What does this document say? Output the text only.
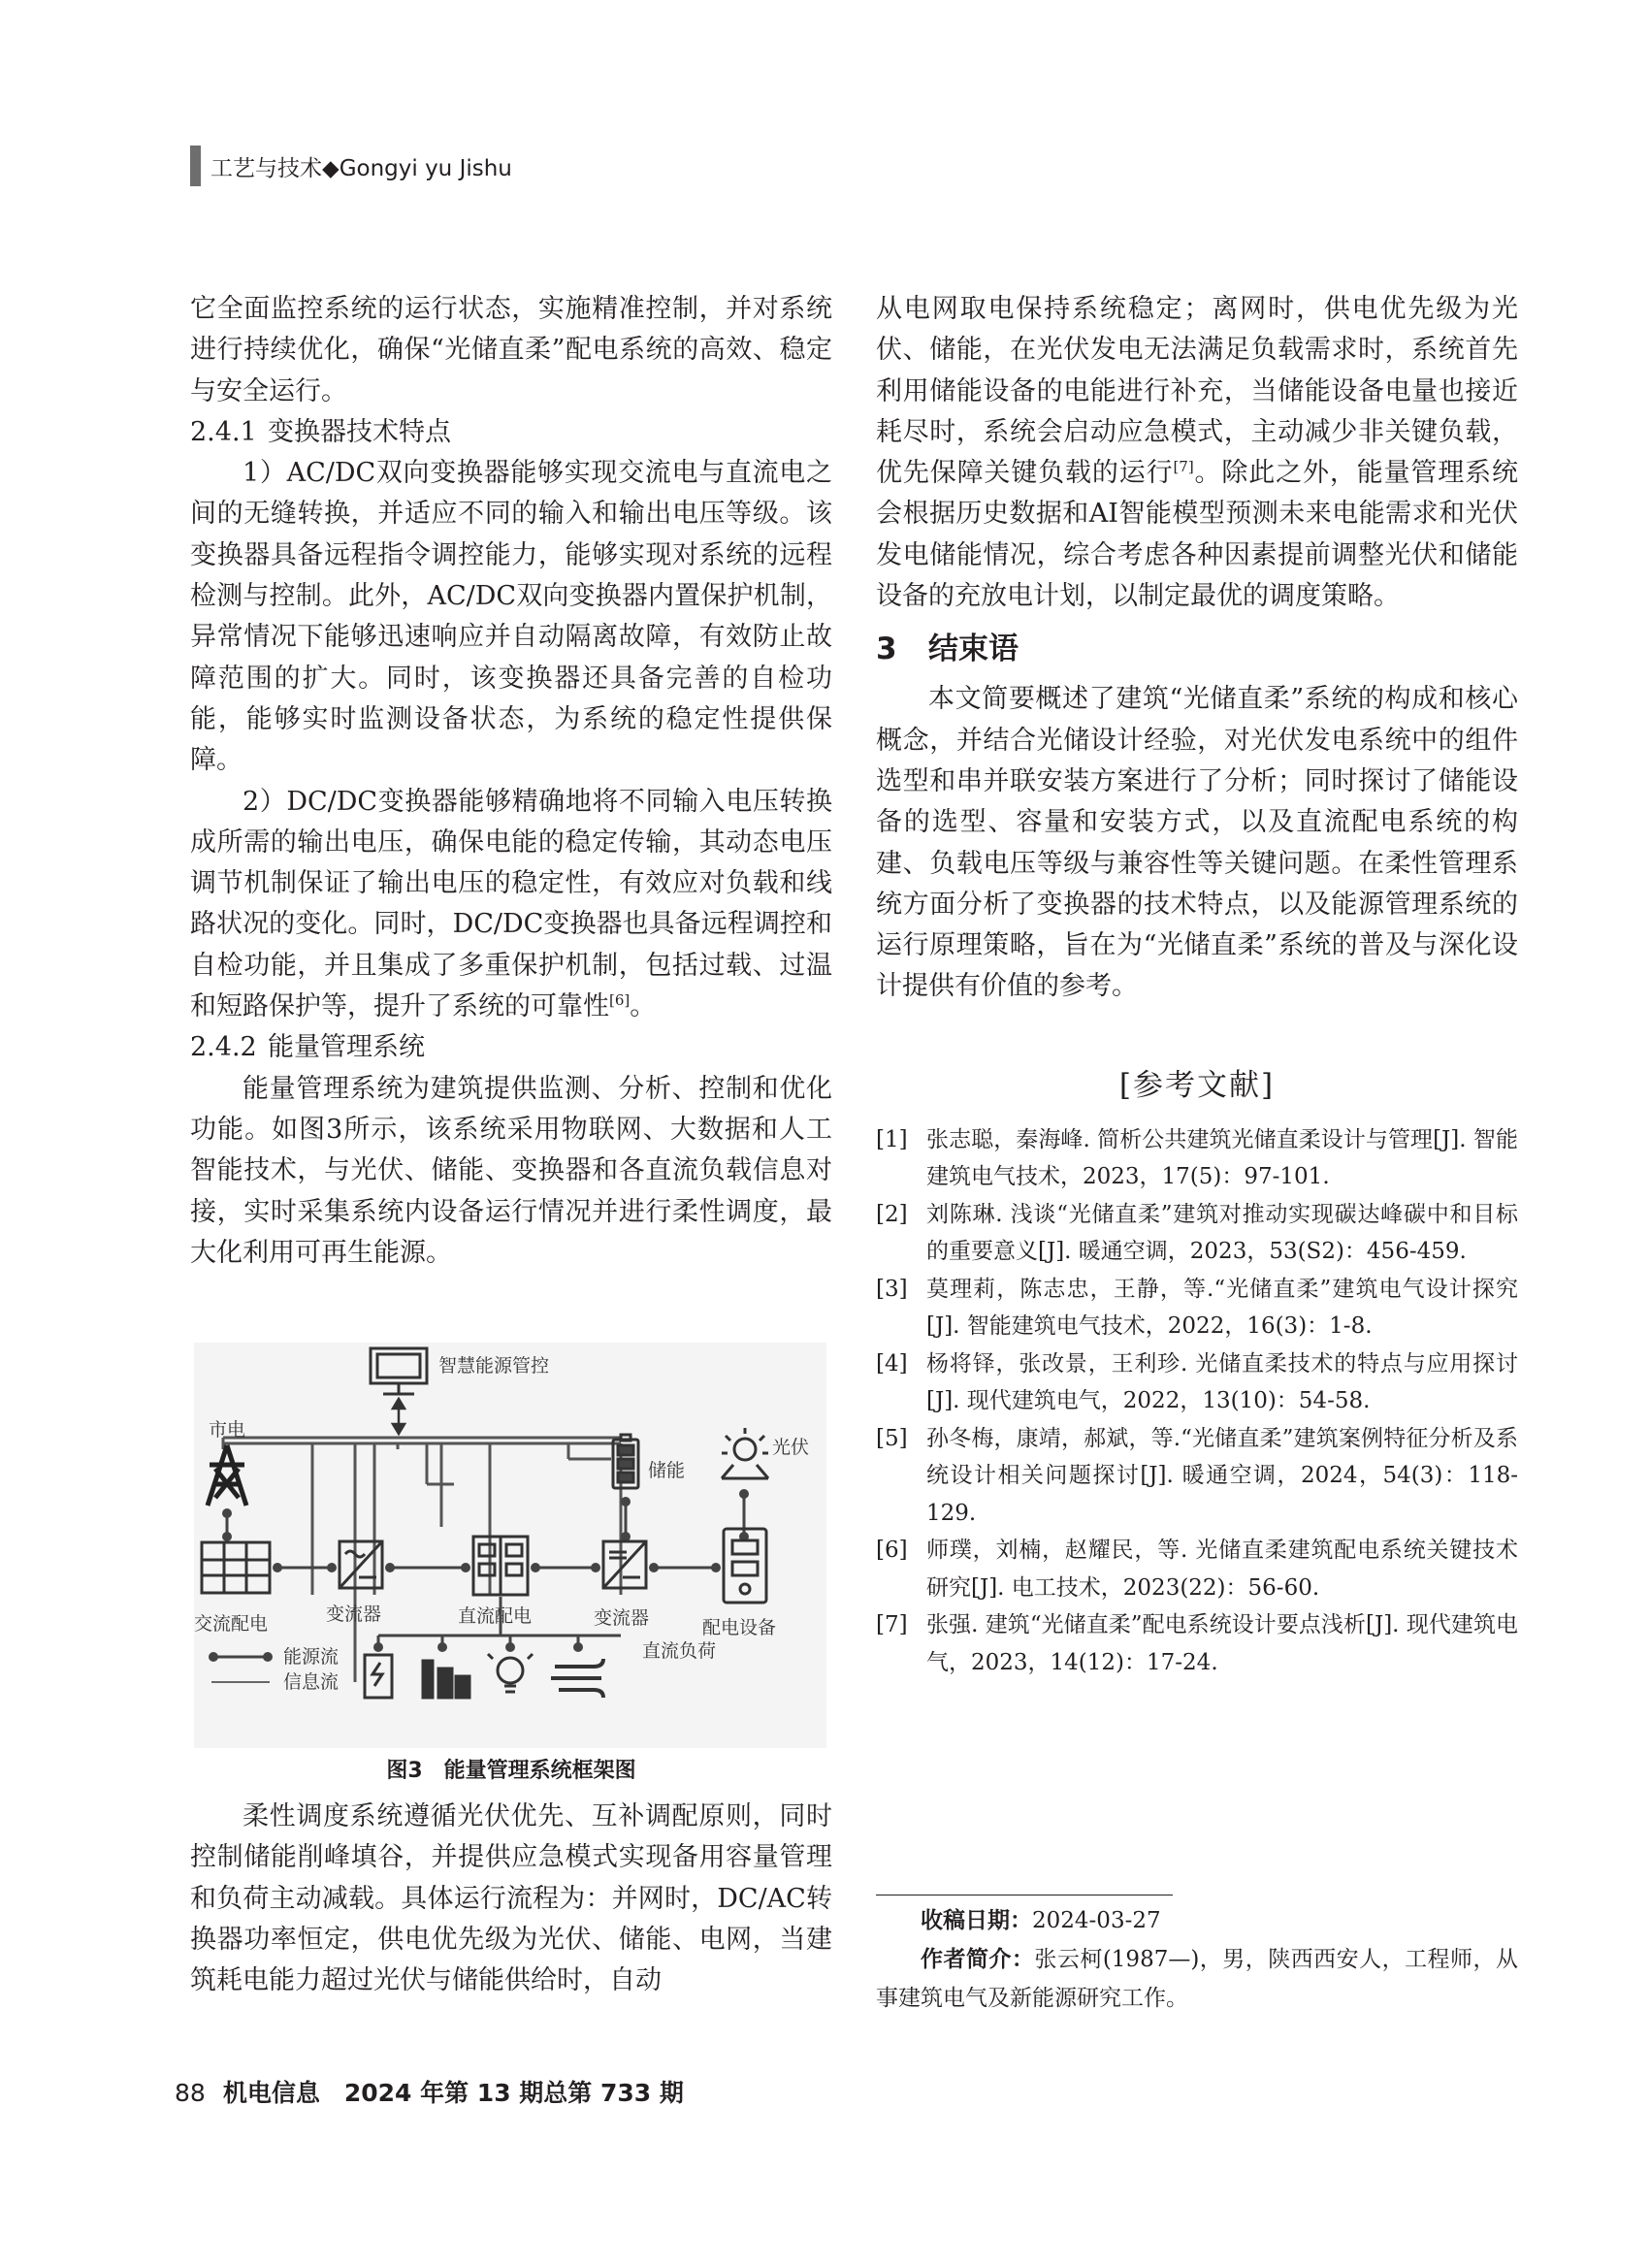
工艺与技术◆Gongyi yu Jishu

它全面监控系统的运行状态，实施精准控制，并对系统进行持续优化，确保“光储直柔”配电系统的高效、稳定与安全运行。

2.4.1 变换器技术特点

1）AC/DC双向变换器能够实现交流电与直流电之间的无缝转换，并适应不同的输入和输出电压等级。该变换器具备远程指令调控能力，能够实现对系统的远程检测与控制。此外，AC/DC双向变换器内置保护机制，异常情况下能够迅速响应并自动隔离故障，有效防止故障范围的扩大。同时，该变换器还具备完善的自检功能，能够实时监测设备状态，为系统的稳定性提供保障。

2）DC/DC变换器能够精确地将不同输入电压转换成所需的输出电压，确保电能的稳定传输，其动态电压调节机制保证了输出电压的稳定性，有效应对负载和线路状况的变化。同时，DC/DC变换器也具备远程调控和自检功能，并且集成了多重保护机制，包括过载、过温和短路保护等，提升了系统的可靠性[6]。

2.4.2 能量管理系统

能量管理系统为建筑提供监测、分析、控制和优化功能。如图3所示，该系统采用物联网、大数据和人工智能技术，与光伏、储能、变换器和各直流负载信息对接，实时采集系统内设备运行情况并进行柔性调度，最大化利用可再生能源。

智慧能源管控
市电
储能
光伏
交流配电	变流器	直流配电	变流器	配电设备
直流负荷
能源流
信息流
图3　能量管理系统框架图

柔性调度系统遵循光伏优先、互补调配原则，同时控制储能削峰填谷，并提供应急模式实现备用容量管理和负荷主动减载。具体运行流程为：并网时，DC/AC转换器功率恒定，供电优先级为光伏、储能、电网，当建筑耗电能力超过光伏与储能供给时，自动

从电网取电保持系统稳定；离网时，供电优先级为光伏、储能，在光伏发电无法满足负载需求时，系统首先利用储能设备的电能进行补充，当储能设备电量也接近耗尽时，系统会启动应急模式，主动减少非关键负载，优先保障关键负载的运行[7]。除此之外，能量管理系统会根据历史数据和AI智能模型预测未来电能需求和光伏发电储能情况，综合考虑各种因素提前调整光伏和储能设备的充放电计划，以制定最优的调度策略。

3 结束语

本文简要概述了建筑“光储直柔”系统的构成和核心概念，并结合光储设计经验，对光伏发电系统中的组件选型和串并联安装方案进行了分析；同时探讨了储能设备的选型、容量和安装方式，以及直流配电系统的构建、负载电压等级与兼容性等关键问题。在柔性管理系统方面分析了变换器的技术特点，以及能源管理系统的运行原理策略，旨在为“光储直柔”系统的普及与深化设计提供有价值的参考。

[参考文献]
[1] 张志聪，秦海峰. 简析公共建筑光储直柔设计与管理[J]. 智能建筑电气技术，2023，17(5)：97-101.
[2] 刘陈琳. 浅谈“光储直柔”建筑对推动实现碳达峰碳中和目标的重要意义[J]. 暖通空调，2023，53(S2)：456-459.
[3] 莫理莉，陈志忠，王静，等.“光储直柔”建筑电气设计探究[J]. 智能建筑电气技术，2022，16(3)：1-8.
[4] 杨将铎，张改景，王利珍. 光储直柔技术的特点与应用探讨[J]. 现代建筑电气，2022，13(10)：54-58.
[5] 孙冬梅，康靖，郝斌，等.“光储直柔”建筑案例特征分析及系统设计相关问题探讨[J]. 暖通空调，2024，54(3)：118-129.
[6] 师璞，刘楠，赵耀民，等. 光储直柔建筑配电系统关键技术研究[J]. 电工技术，2023(22)：56-60.
[7] 张强. 建筑“光储直柔”配电系统设计要点浅析[J]. 现代建筑电气，2023，14(12)：17-24.

收稿日期：2024-03-27

作者简介：张云柯(1987—)，男，陕西西安人，工程师，从事建筑电气及新能源研究工作。

88 机电信息　2024 年第 13 期总第 733 期
